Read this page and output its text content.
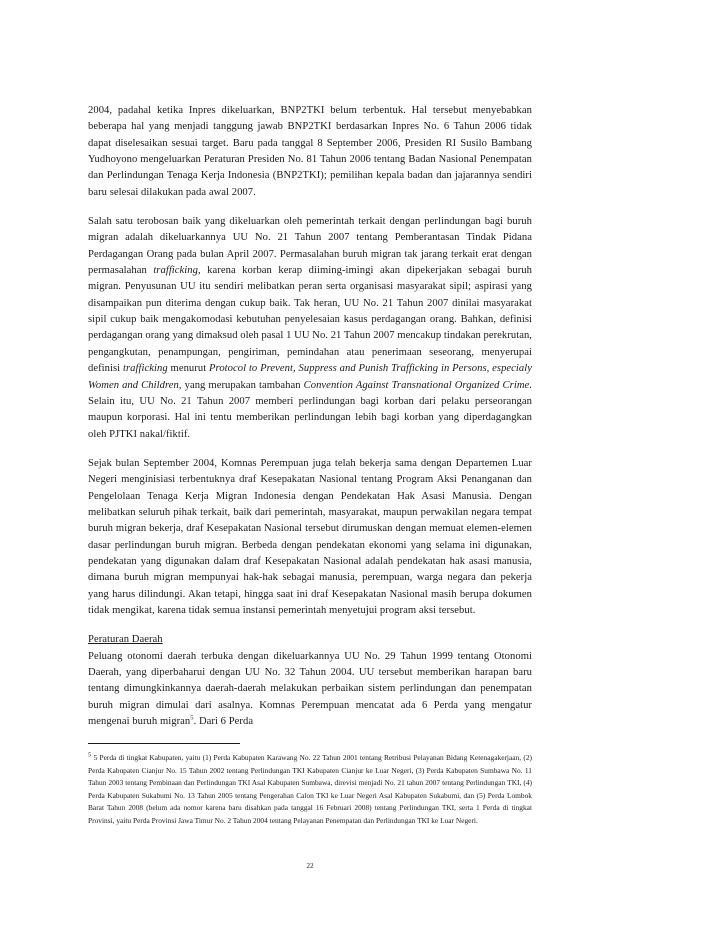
2004, padahal ketika Inpres dikeluarkan, BNP2TKI belum terbentuk. Hal tersebut menyebabkan beberapa hal yang menjadi tanggung jawab BNP2TKI berdasarkan Inpres No. 6 Tahun 2006 tidak dapat diselesaikan sesuai target. Baru pada tanggal 8 September 2006, Presiden RI Susilo Bambang Yudhoyono mengeluarkan Peraturan Presiden No. 81 Tahun 2006 tentang Badan Nasional Penempatan dan Perlindungan Tenaga Kerja Indonesia (BNP2TKI); pemilihan kepala badan dan jajarannya sendiri baru selesai dilakukan pada awal 2007.

Salah satu terobosan baik yang dikeluarkan oleh pemerintah terkait dengan perlindungan bagi buruh migran adalah dikeluarkannya UU No. 21 Tahun 2007 tentang Pemberantasan Tindak Pidana Perdagangan Orang pada bulan April 2007. Permasalahan buruh migran tak jarang terkait erat dengan permasalahan trafficking, karena korban kerap diiming-imingi akan dipekerjakan sebagai buruh migran. Penyusunan UU itu sendiri melibatkan peran serta organisasi masyarakat sipil; aspirasi yang disampaikan pun diterima dengan cukup baik. Tak heran, UU No. 21 Tahun 2007 dinilai masyarakat sipil cukup baik mengakomodasi kebutuhan penyelesaian kasus perdagangan orang. Bahkan, definisi perdagangan orang yang dimaksud oleh pasal 1 UU No. 21 Tahun 2007 mencakup tindakan perekrutan, pengangkutan, penampungan, pengiriman, pemindahan atau penerimaan seseorang, menyerupai definisi trafficking menurut Protocol to Prevent, Suppress and Punish Trafficking in Persons, especialy Women and Children, yang merupakan tambahan Convention Against Transnational Organized Crime. Selain itu, UU No. 21 Tahun 2007 memberi perlindungan bagi korban dari pelaku perseorangan maupun korporasi. Hal ini tentu memberikan perlindungan lebih bagi korban yang diperdagangkan oleh PJTKI nakal/fiktif.

Sejak bulan September 2004, Komnas Perempuan juga telah bekerja sama dengan Departemen Luar Negeri menginisiasi terbentuknya draf Kesepakatan Nasional tentang Program Aksi Penanganan dan Pengelolaan Tenaga Kerja Migran Indonesia dengan Pendekatan Hak Asasi Manusia. Dengan melibatkan seluruh pihak terkait, baik dari pemerintah, masyarakat, maupun perwakilan negara tempat buruh migran bekerja, draf Kesepakatan Nasional tersebut dirumuskan dengan memuat elemen-elemen dasar perlindungan buruh migran. Berbeda dengan pendekatan ekonomi yang selama ini digunakan, pendekatan yang digunakan dalam draf Kesepakatan Nasional adalah pendekatan hak asasi manusia, dimana buruh migran mempunyai hak-hak sebagai manusia, perempuan, warga negara dan pekerja yang harus dilindungi. Akan tetapi, hingga saat ini draf Kesepakatan Nasional masih berupa dokumen tidak mengikat, karena tidak semua instansi pemerintah menyetujui program aksi tersebut.

Peraturan Daerah
Peluang otonomi daerah terbuka dengan dikeluarkannya UU No. 29 Tahun 1999 tentang Otonomi Daerah, yang diperbaharui dengan UU No. 32 Tahun 2004. UU tersebut memberikan harapan baru tentang dimungkinkannya daerah-daerah melakukan perbaikan sistem perlindungan dan penempatan buruh migran dimulai dari asalnya. Komnas Perempuan mencatat ada 6 Perda yang mengatur mengenai buruh migran$^5$. Dari 6 Perda

$^5$ 5 Perda di tingkat Kabupaten, yaitu (1) Perda Kabupaten Karawang No. 22 Tahun 2001 tentang Retribusi Pelayanan Bidang Ketenagakerjaan, (2) Perda Kabupaten Cianjur No. 15 Tahun 2002 tentang Perlindungan TKI Kabupaten Cianjur ke Luar Negeri, (3) Perda Kabupaten Sumbawa No. 11 Tahun 2003 tentang Pembinaan dan Perlindungan TKI Asal Kabupaten Sumbawa, direvisi menjadi No. 21 tahun 2007 tentang Perlindungan TKI, (4) Perda Kabupaten Sukabumi No. 13 Tahun 2005 tentang Pengerahan Calon TKI ke Luar Negeri Asal Kabupaten Sukabumi, dan (5) Perda Lombok Barat Tahun 2008 (belum ada nomor karena baru disahkan pada tanggal 16 Februari 2008) tentang Perlindungan TKI, serta 1 Perda di tingkat Provinsi, yaitu Perda Provinsi Jawa Timur No. 2 Tahun 2004 tentang Pelayanan Penempatan dan Perlindungan TKI ke Luar Negeri.

22
